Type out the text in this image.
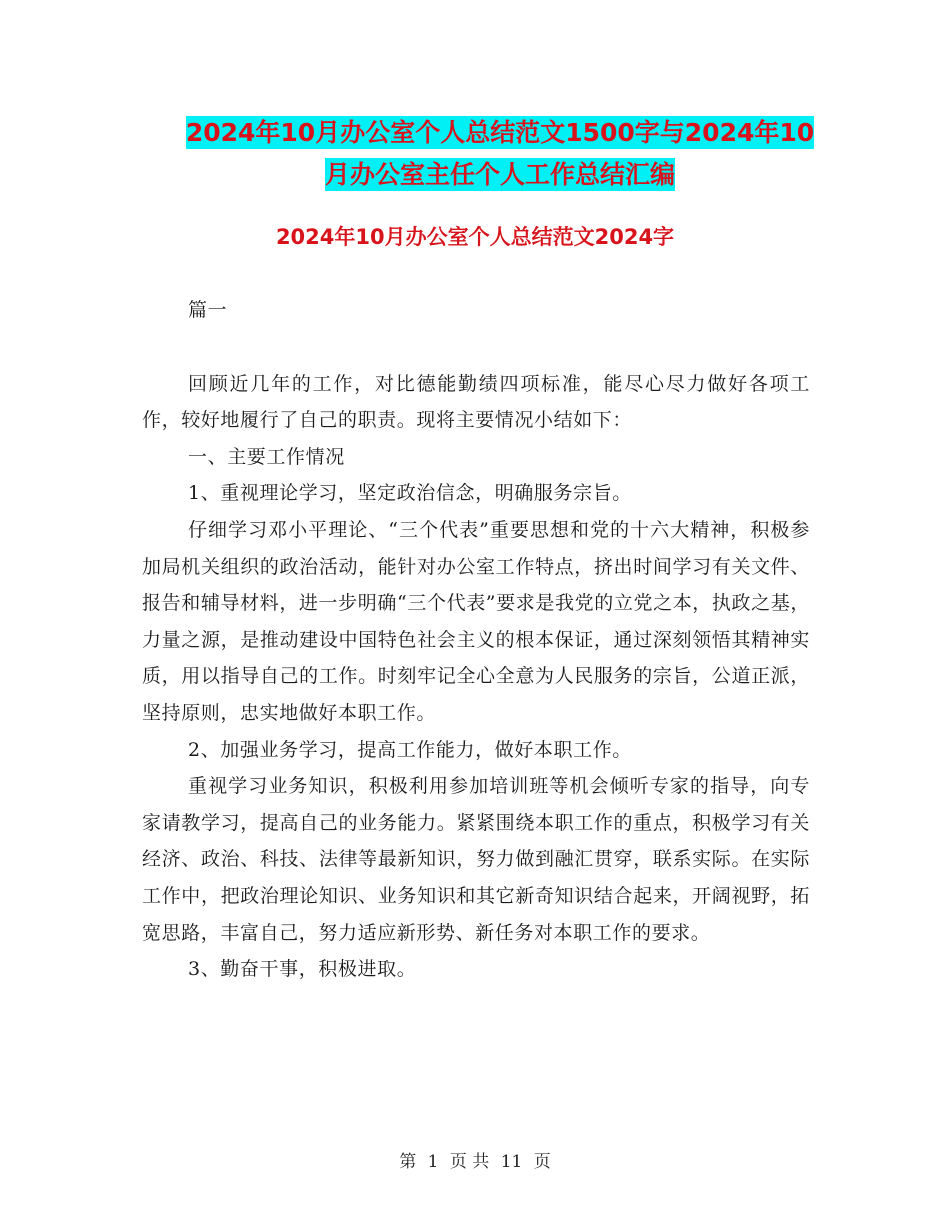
2024年10月办公室个人总结范文1500字与2024年10
月办公室主任个人工作总结汇编
2024年10月办公室个人总结范文2024字

篇一

回顾近几年的工作，对比德能勤绩四项标准，能尽心尽力做好各项工作，较好地履行了自己的职责。现将主要情况小结如下：

一、主要工作情况

1、重视理论学习，坚定政治信念，明确服务宗旨。

仔细学习邓小平理论、“三个代表”重要思想和党的十六大精神，积极参加局机关组织的政治活动，能针对办公室工作特点，挤出时间学习有关文件、报告和辅导材料，进一步明确“三个代表”要求是我党的立党之本，执政之基，力量之源，是推动建设中国特色社会主义的根本保证，通过深刻领悟其精神实质，用以指导自己的工作。时刻牢记全心全意为人民服务的宗旨，公道正派，坚持原则，忠实地做好本职工作。

2、加强业务学习，提高工作能力，做好本职工作。

重视学习业务知识，积极利用参加培训班等机会倾听专家的指导，向专家请教学习，提高自己的业务能力。紧紧围绕本职工作的重点，积极学习有关经济、政治、科技、法律等最新知识，努力做到融汇贯穿，联系实际。在实际工作中，把政治理论知识、业务知识和其它新奇知识结合起来，开阔视野，拓宽思路，丰富自己，努力适应新形势、新任务对本职工作的要求。

3、勤奋干事，积极进取。

第 1 页 共 11 页
